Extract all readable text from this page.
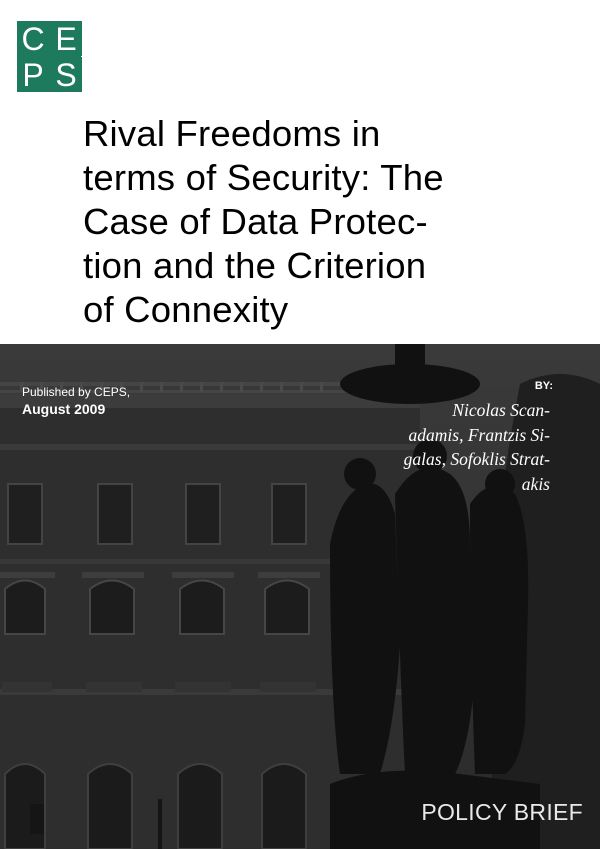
C E
P S
Rival Freedoms in
terms of Security: The
Case of Data Protec-
tion and the Criterion
of Connexity
Published by CEPS,
August 2009
BY:
Nicolas Scan-
adamis, Frantzis Si-
galas, Sofoklis Strat-
akis
POLICY BRIEF
